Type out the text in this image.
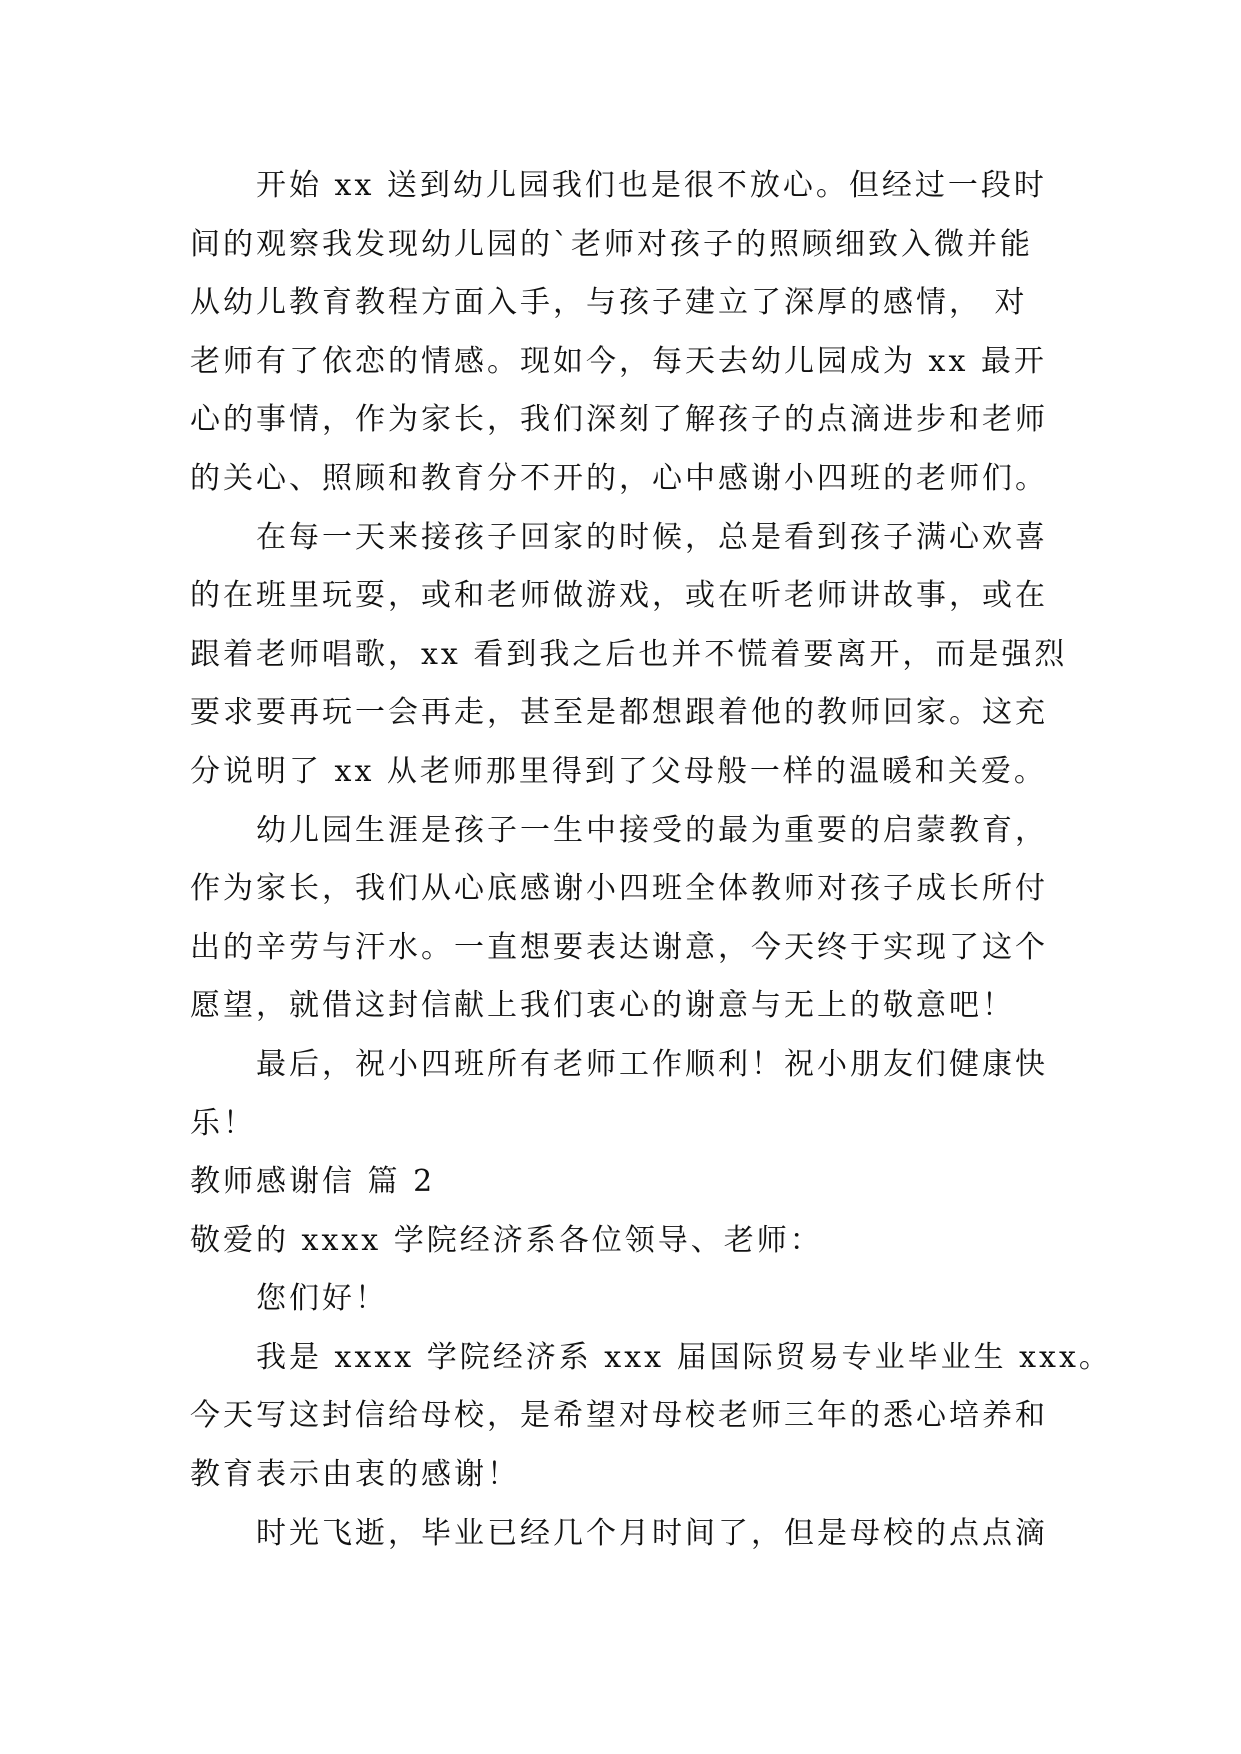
开始 xx 送到幼儿园我们也是很不放心。但经过一段时
间的观察我发现幼儿园的`老师对孩子的照顾细致入微并能
从幼儿教育教程方面入手，与孩子建立了深厚的感情， 对
老师有了依恋的情感。现如今，每天去幼儿园成为 xx 最开
心的事情，作为家长，我们深刻了解孩子的点滴进步和老师
的关心、照顾和教育分不开的，心中感谢小四班的老师们。
在每一天来接孩子回家的时候，总是看到孩子满心欢喜
的在班里玩耍，或和老师做游戏，或在听老师讲故事，或在
跟着老师唱歌，xx 看到我之后也并不慌着要离开，而是强烈
要求要再玩一会再走，甚至是都想跟着他的教师回家。这充
分说明了 xx 从老师那里得到了父母般一样的温暖和关爱。
幼儿园生涯是孩子一生中接受的最为重要的启蒙教育，
作为家长，我们从心底感谢小四班全体教师对孩子成长所付
出的辛劳与汗水。一直想要表达谢意，今天终于实现了这个
愿望，就借这封信献上我们衷心的谢意与无上的敬意吧！
最后，祝小四班所有老师工作顺利！祝小朋友们健康快
乐！
教师感谢信 篇 2
敬爱的 xxxx 学院经济系各位领导、老师：
您们好！
我是 xxxx 学院经济系 xxx 届国际贸易专业毕业生 xxx。
今天写这封信给母校，是希望对母校老师三年的悉心培养和
教育表示由衷的感谢！
时光飞逝，毕业已经几个月时间了，但是母校的点点滴
